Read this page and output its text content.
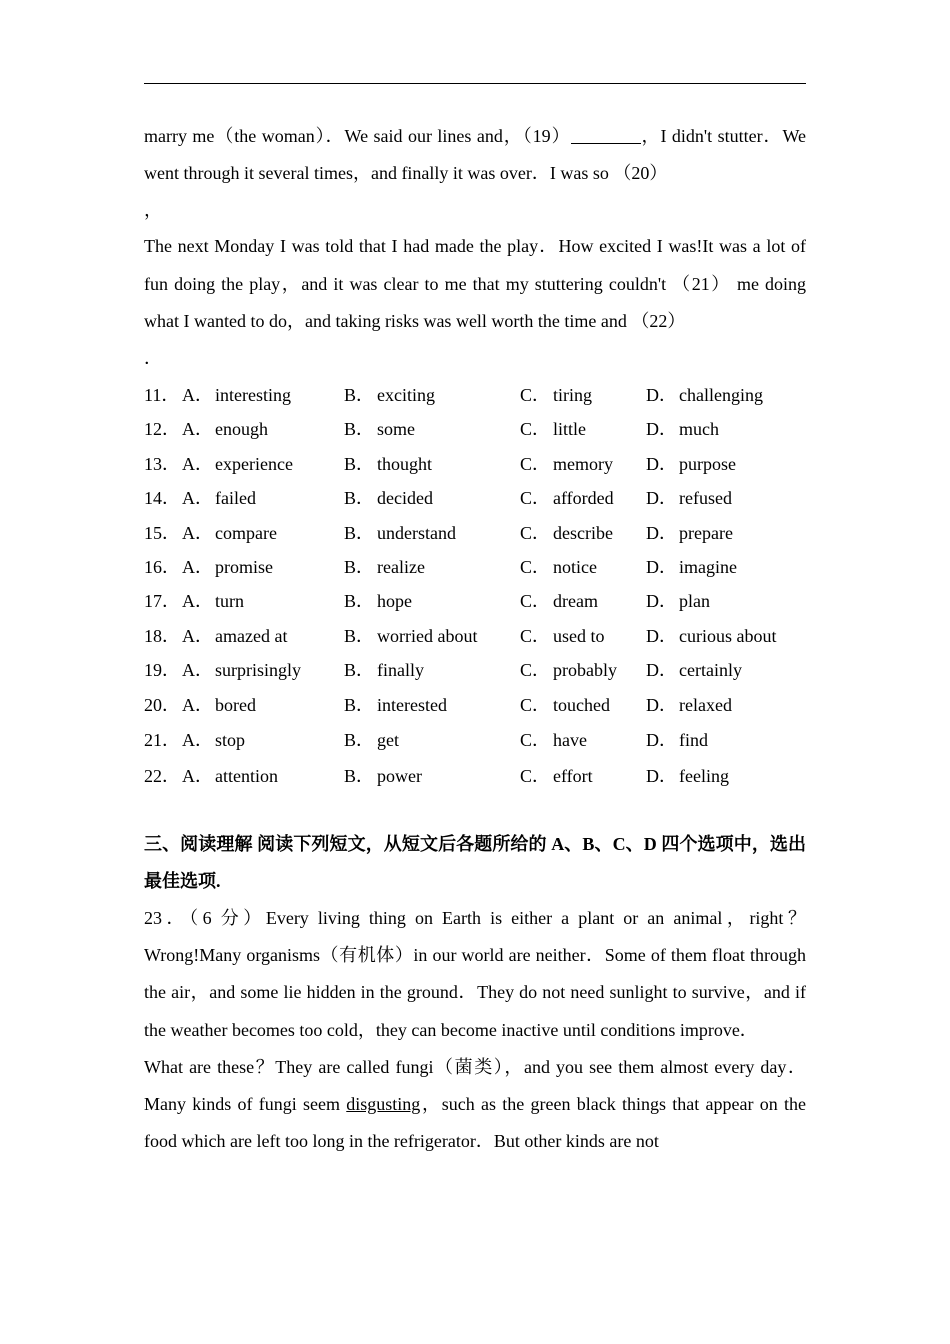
marry me（the woman）．We said our lines and，（19）	，I didn't stutter．We went through it several times，and finally it was over．I was so （20）

，

The next Monday I was told that I had made the play．How excited I was!It was a lot of fun doing the play，and it was clear to me that my stuttering couldn't （21） me doing what I wanted to do，and taking risks was well worth the time and （22）

．

11． A． interesting	B． exciting	C． tiring	D． challenging
12． A． enough	B． some	C． little	D． much
13． A． experience	B． thought	C． memory D． purpose
14． A． failed	B． decided	C． afforded D． refused
15． A． compare	B． understand	C． describe D． prepare
16． A． promise	B． realize	C． notice	D． imagine
17． A． turn	B． hope	C． dream	D． plan
18． A． amazed at	B． worried about C． used to D． curious about
19． A． surprisingly B． finally	C． probably D． certainly
20． A． bored	B． interested	C． touched D． relaxed
21． A． stop	B． get	C． have	D． find
22． A． attention	B． power	C． effort	D． feeling

三、阅读理解 阅读下列短文，从短文后各题所给的 A、B、C、D 四个选项中，选出最佳选项.

23．（6 分）Every living thing on Earth is either a plant or an animal，right？Wrong!Many organisms（有机体）in our world are neither．Some of them float through the air，and some lie hidden in the ground．They do not need sunlight to survive，and if the weather becomes too cold，they can become inactive until conditions improve．

What are these？They are called fungi（菌类），and you see them almost every day．Many kinds of fungi seem disgusting，such as the green black things that appear on the food which are left too long in the refrigerator．But other kinds are not
